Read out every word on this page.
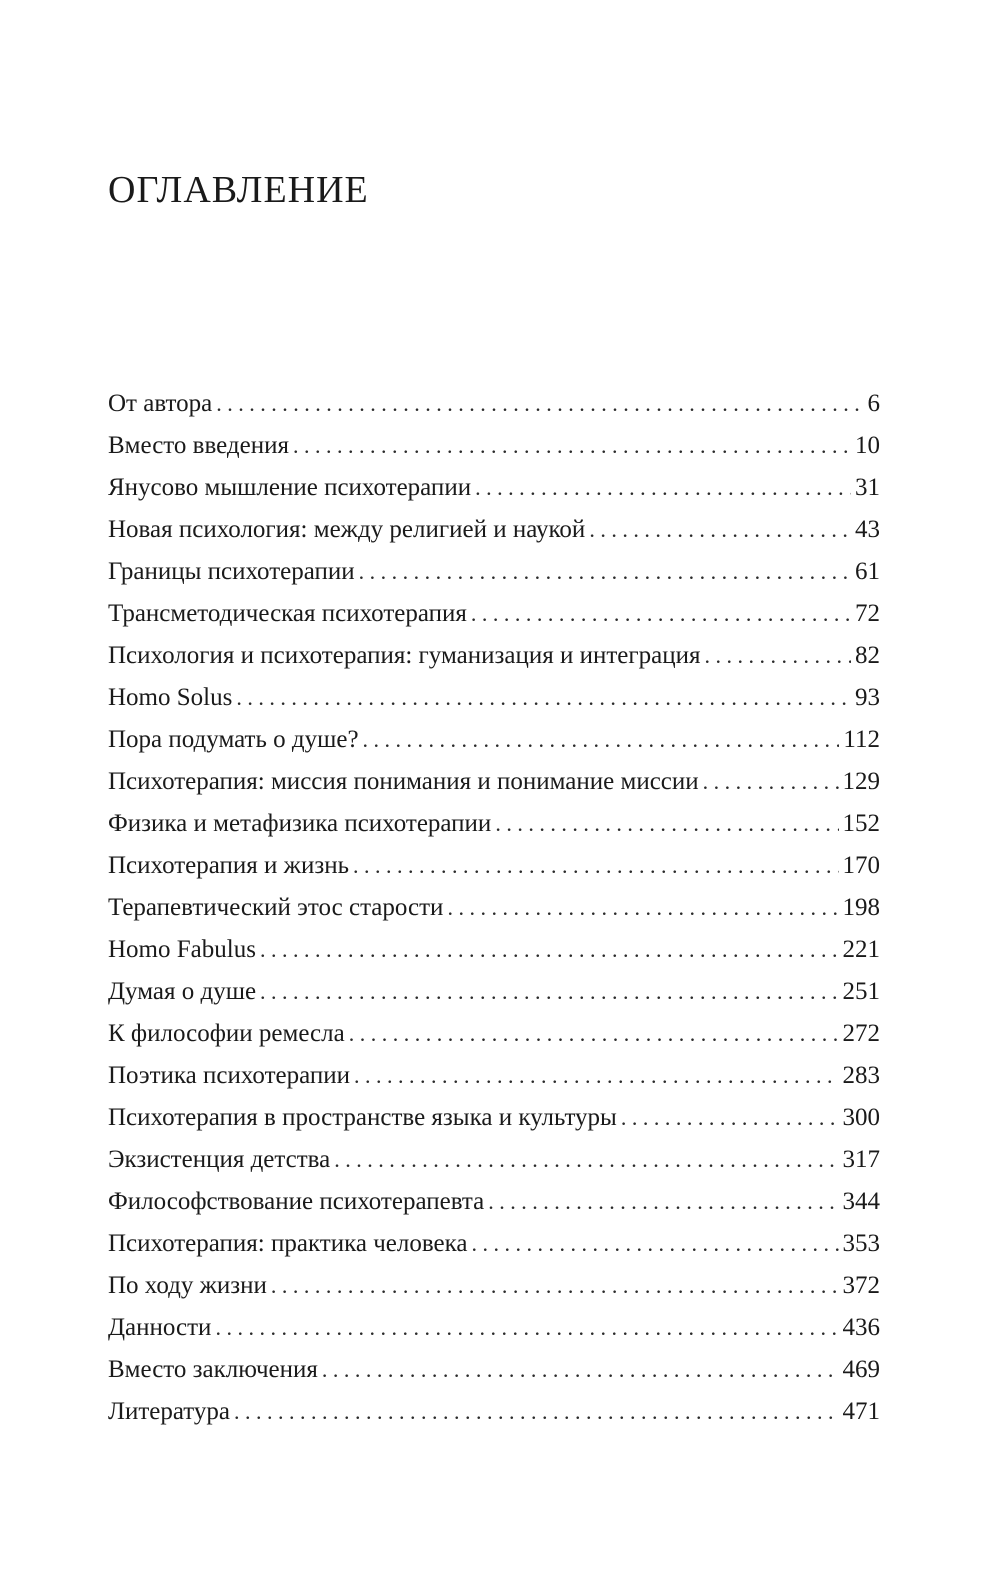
ОГЛАВЛЕНИЕ
От автора . . .	6
Вместо введения . . .	10
Янусово мышление психотерапии . . .	31
Новая психология: между религией и наукой . . .	43
Границы психотерапии . . .	61
Трансметодическая психотерапия . . .	72
Психология и психотерапия: гуманизация и интеграция . . .	82
Homo Solus . . .	93
Пора подумать о душе? . . .	112
Психотерапия: миссия понимания и понимание миссии . . .	129
Физика и метафизика психотерапии . . .	152
Психотерапия и жизнь . . .	170
Терапевтический этос старости . . .	198
Homo Fabulus . . .	221
Думая о душе . . .	251
К философии ремесла . . .	272
Поэтика психотерапии . . .	283
Психотерапия в пространстве языка и культуры . . .	300
Экзистенция детства . . .	317
Философствование психотерапевта . . .	344
Психотерапия: практика человека . . .	353
По ходу жизни . . .	372
Данности . . .	436
Вместо заключения . . .	469
Литература . . .	471
